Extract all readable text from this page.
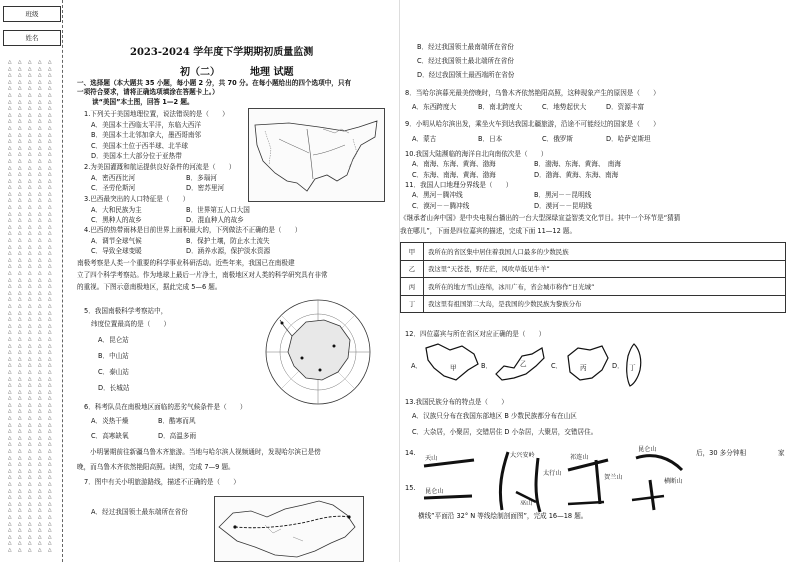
班级
姓名
△
△
△
△
△
△
△
△
△
△
△
△
△
△
△
△
△
△
△
△
△
△
△
△
△
△
△
△
△
△
△
△
△
△
△
△
△
△
△
△
△
△
△
△
△
△
△
△
△
△
△
△
△
△
△
△
△
△
△
△
△
△
△
△
△
△
△
△
△
△
△
△
△
△
△
△
△
△
△
△
△
△
△
△
△
△
△
△
△
△
△
△
△
△
△
△
△
△
△
△
△
△
△
△
△
△
△
△
△
△
△
△
△
△
△
△
△
△
△
△
△
△
△
△
△
△
△
△
△
△
△
△
△
△
△
△
△
△
△
△
△
△
△
△
△
△
△
△
△
△
△
△
△
△
△
△
△
△
△
△
△
△
△
△
△
△
△
△
△
△
△
△
△
△
△
△
△
△
△
△
△
△
△
△
△
△
△
△
△
△
△
△
△
△
△
△
△
△
△
△
△
△
△
△
△
△
△
△
△
△
△
△
△
△
△
△
△
△
△
△
△
△
△
△
△
△
△
△
△
△
△
△
△
△
△
△
△
△
△
△
△
△
△
△
△
△
△
△
△
△
△
△
△
△
△
△
△
△
△
△
△
△
△
△
△
△
△
△
△
△
△
△
△
△
△
△
△
△
△
△
△
△
△
△
△
△
△
△
△
△
△
△
△
△
△
△
△
△
△
△
△
△
△
△
△
△
△
△
△
△
△
△
△
△
△
△
△
△
△
△
△
△
△
△
△
△
△
△
△
△
△
△
△
△
△
△
△
△
△
△
△
△
△
△
△
△
△
△
△
△
△
△
△
△
△
△
△
△
△
△
△
△
△
△
△
△
△
△
△
△
△
△
△
△
△
2023-2024 学年度下学期期初质量监测
初（二）	地理 试题
一、选择题（本大题共 35 小题，每小题 2 分，共 70 分。在每小题给出的四个选项中，只有
一项符合要求，请将正确选项填涂在答题卡上。）
读“美国”本土图，回答 1—2 题。
1.下列关于美国地理位置，说法错误的是（　　）
A．美国本土西临太平洋，东临大西洋
B．美国本土北邻加拿大，墨西哥南邻
C．美国本土位于西半球、北半球
D．美国本土大部分位于亚热带
2.为美国灌溉和航运提供良好条件的河流是（　　）
A．密西西比河	B．多瑙河
C．圣劳伦斯河	D．密苏里河
3.巴西最突出的人口特征是（　　）
A．大和民族为主	B．世界第五人口大国
C．黑种人的故乡	D．混血种人的故乡
4.巴西的热带雨林是目前世界上面积最大的，下列做法不正确的是（　　）
A．调节全球气候	B．保护土壤，防止水土流失
C．导致全球变暖	D．涵养水源，保护淡水资源
南极考察是人类一个重要的科学事业科研活动。近些年来，我国已在南极建
立了四个科学考察站。作为地球上最后一片净土，南极地区对人类的科学研究具有非常
的重视。下图示意南极地区，据此完成 5—6 题。
5．我国南极科学考察站中，
纬度位置最高的是（　　）
A．昆仑站
B．中山站
C．泰山站
D．长城站
6．科考队员在南极地区面临的恶劣气候条件是（　　）
A．炎热干燥	B．酷寒而风
C．高寒缺氧	D．高温多雨
小明暑期前往新疆乌鲁木齐旅游。当地与哈尔滨人视频通时，发现哈尔滨已是傍
晚，而乌鲁木齐依然艳阳高照。读图，完成 7—9 题。
7．图中有关小明旅游路线，描述不正确的是（　　）
A．经过我国领土最东端所在省份
B．经过我国领土最南端所在省份
C．经过我国领土最北端所在省份
D．经过我国领土最西端所在省份
8．当哈尔滨暮光最美傍晚时，乌鲁木齐依然艳阳高照，这种现象产生的原因是（　　）
A．东西跨度大	B．南北跨度大	C．地势起伏大	D．资源丰富
9．小明从哈尔滨出发，乘坐火车到达我国北疆旅游，沿途不可能经过的国家是（　　）
A．蒙古	B．日本	C．俄罗斯	D．哈萨克斯坦
10.我国大陆濒临的海洋自北向南依次是（　　）
A．南海、东海、黄海、渤海	B．渤海、东海、黄海、　南海
C．东海、南海、黄海、渤海	D．渤海、黄海、东海、南海
11．我国人口地理分界线是（　　）
A．黑河－腾冲线	B．黑河－－昆明线
C．漠河－－腾冲线	D．漠河－－昆明线
《继承者山奔中国》是中央电视台播出的一台大型深绿宣益智类文化节目。其中一个环节是“猜猜
我在哪儿”，下面是四位嘉宾的描述，完成下面 11—12 题。
甲	我所在的省区集中居住着我国人口最多的少数民族
乙	我这里“天苍苍，野茫茫，风吹草低见牛羊”
丙	我所在的地方雪山连绵，冰川广布，省会城市称作“日光城”
丁	我这里有祖国第二大岛，是我国的少数民族为黎族分布
12．四位嘉宾与所在省区对应正确的是（　　）
A．	甲	B．	乙	C．	丙	D． 丁
13.我国民族分布的特点是（　　）
A．汉族只分布在我国东部地区 B 少数民族都分布在山区
C．大杂居，小聚居，交错居住 D 小杂居，大聚居，交错居住。
14.	后，30 多分钟相	家
15.
天山
昆仑山
大兴安岭
太行山
巫山
祁连山
贺兰山
昆仑山
横断山
横线”平面沿 32° N 等线绘制剖面图”，完成 16—18 题。
